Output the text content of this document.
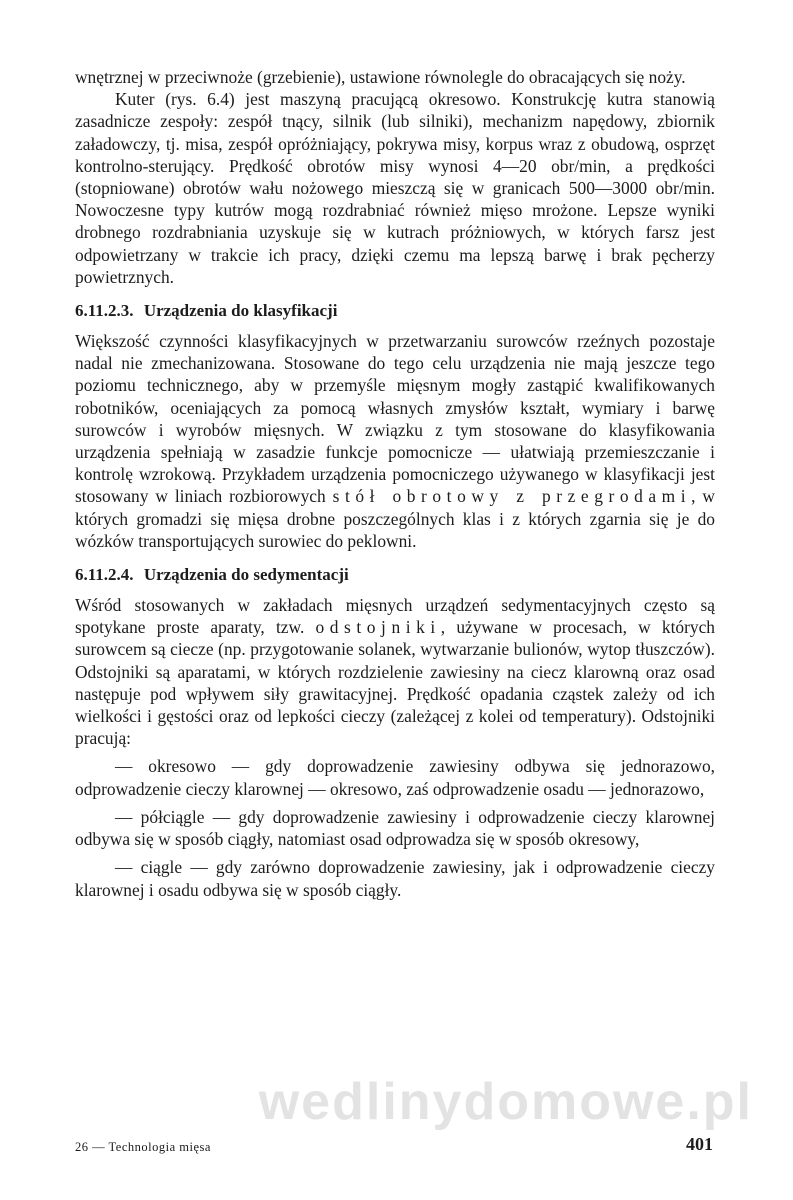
wnętrznej w przeciwnoże (grzebienie), ustawione równolegle do obracających się noży.

Kuter (rys. 6.4) jest maszyną pracującą okresowo. Konstrukcję kutra stanowią zasadnicze zespoły: zespół tnący, silnik (lub silniki), mechanizm napędowy, zbiornik załadowczy, tj. misa, zespół opróżniający, pokrywa misy, korpus wraz z obudową, osprzęt kontrolno-sterujący. Prędkość obrotów misy wynosi 4—20 obr/min, a prędkości (stopniowane) obrotów wału nożowego mieszczą się w granicach 500—3000 obr/min. Nowoczesne typy kutrów mogą rozdrabniać również mięso mrożone. Lepsze wyniki drobnego rozdrabniania uzyskuje się w kutrach próżniowych, w których farsz jest odpowietrzany w trakcie ich pracy, dzięki czemu ma lepszą barwę i brak pęcherzy powietrznych.

6.11.2.3. Urządzenia do klasyfikacji

Większość czynności klasyfikacyjnych w przetwarzaniu surowców rzeźnych pozostaje nadal nie zmechanizowana. Stosowane do tego celu urządzenia nie mają jeszcze tego poziomu technicznego, aby w przemyśle mięsnym mogły zastąpić kwalifikowanych robotników, oceniających za pomocą własnych zmysłów kształt, wymiary i barwę surowców i wyrobów mięsnych. W związku z tym stosowane do klasyfikowania urządzenia spełniają w zasadzie funkcje pomocnicze — ułatwiają przemieszczanie i kontrolę wzrokową. Przykładem urządzenia pomocniczego używanego w klasyfikacji jest stosowany w liniach rozbiorowych stół obrotowy z przegrodami, w których gromadzi się mięsa drobne poszczególnych klas i z których zgarnia się je do wózków transportujących surowiec do peklowni.

6.11.2.4. Urządzenia do sedymentacji

Wśród stosowanych w zakładach mięsnych urządzeń sedymentacyjnych często są spotykane proste aparaty, tzw. odstojniki, używane w procesach, w których surowcem są ciecze (np. przygotowanie solanek, wytwarzanie bulionów, wytop tłuszczów). Odstojniki są aparatami, w których rozdzielenie zawiesiny na ciecz klarowną oraz osad następuje pod wpływem siły grawitacyjnej. Prędkość opadania cząstek zależy od ich wielkości i gęstości oraz od lepkości cieczy (zależącej z kolei od temperatury). Odstojniki pracują:

— okresowo — gdy doprowadzenie zawiesiny odbywa się jednorazowo, odprowadzenie cieczy klarownej — okresowo, zaś odprowadzenie osadu — jednorazowo,

— półciągle — gdy doprowadzenie zawiesiny i odprowadzenie cieczy klarownej odbywa się w sposób ciągły, natomiast osad odprowadza się w sposób okresowy,

— ciągle — gdy zarówno doprowadzenie zawiesiny, jak i odprowadzenie cieczy klarownej i osadu odbywa się w sposób ciągły.

wedlinydomowe.pl
26 — Technologia mięsa	401
